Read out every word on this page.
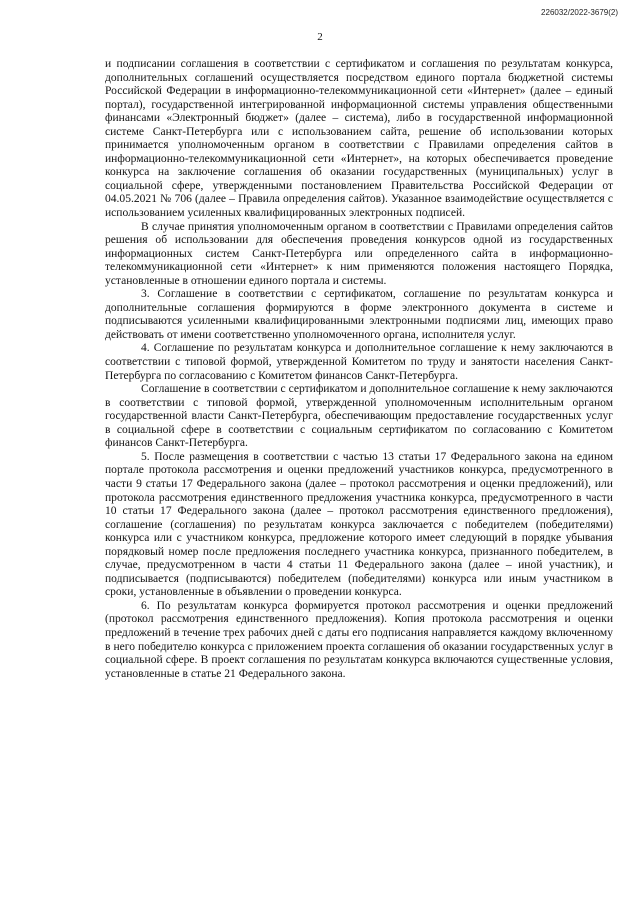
226032/2022-3679(2)
2

и подписании соглашения в соответствии с сертификатом и соглашения по результатам конкурса, дополнительных соглашений осуществляется посредством единого портала бюджетной системы Российской Федерации в информационно-телекоммуникационной сети «Интернет» (далее – единый портал), государственной интегрированной информационной системы управления общественными финансами «Электронный бюджет» (далее – система), либо в государственной информационной системе Санкт-Петербурга или с использованием сайта, решение об использовании которых принимается уполномоченным органом в соответствии с Правилами определения сайтов в информационно-телекоммуникационной сети «Интернет», на которых обеспечивается проведение конкурса на заключение соглашения об оказании государственных (муниципальных) услуг в социальной сфере, утвержденными постановлением Правительства Российской Федерации от 04.05.2021 № 706 (далее – Правила определения сайтов). Указанное взаимодействие осуществляется с использованием усиленных квалифицированных электронных подписей.

В случае принятия уполномоченным органом в соответствии с Правилами определения сайтов решения об использовании для обеспечения проведения конкурсов одной из государственных информационных систем Санкт-Петербурга или определенного сайта в информационно-телекоммуникационной сети «Интернет» к ним применяются положения настоящего Порядка, установленные в отношении единого портала и системы.

3. Соглашение в соответствии с сертификатом, соглашение по результатам конкурса и дополнительные соглашения формируются в форме электронного документа в системе и подписываются усиленными квалифицированными электронными подписями лиц, имеющих право действовать от имени соответственно уполномоченного органа, исполнителя услуг.

4. Соглашение по результатам конкурса и дополнительное соглашение к нему заключаются в соответствии с типовой формой, утвержденной Комитетом по труду и занятости населения Санкт-Петербурга по согласованию с Комитетом финансов Санкт-Петербурга.

Соглашение в соответствии с сертификатом и дополнительное соглашение к нему заключаются в соответствии с типовой формой, утвержденной уполномоченным исполнительным органом государственной власти Санкт-Петербурга, обеспечивающим предоставление государственных услуг в социальной сфере в соответствии с социальным сертификатом по согласованию с Комитетом финансов Санкт-Петербурга.

5. После размещения в соответствии с частью 13 статьи 17 Федерального закона на едином портале протокола рассмотрения и оценки предложений участников конкурса, предусмотренного в части 9 статьи 17 Федерального закона (далее – протокол рассмотрения и оценки предложений), или протокола рассмотрения единственного предложения участника конкурса, предусмотренного в части 10 статьи 17 Федерального закона (далее – протокол рассмотрения единственного предложения), соглашение (соглашения) по результатам конкурса заключается с победителем (победителями) конкурса или с участником конкурса, предложение которого имеет следующий в порядке убывания порядковый номер после предложения последнего участника конкурса, признанного победителем, в случае, предусмотренном в части 4 статьи 11 Федерального закона (далее – иной участник), и подписывается (подписываются) победителем (победителями) конкурса или иным участником в сроки, установленные в объявлении о проведении конкурса.

6. По результатам конкурса формируется протокол рассмотрения и оценки предложений (протокол рассмотрения единственного предложения). Копия протокола рассмотрения и оценки предложений в течение трех рабочих дней с даты его подписания направляется каждому включенному в него победителю конкурса с приложением проекта соглашения об оказании государственных услуг в социальной сфере. В проект соглашения по результатам конкурса включаются существенные условия, установленные в статье 21 Федерального закона.
